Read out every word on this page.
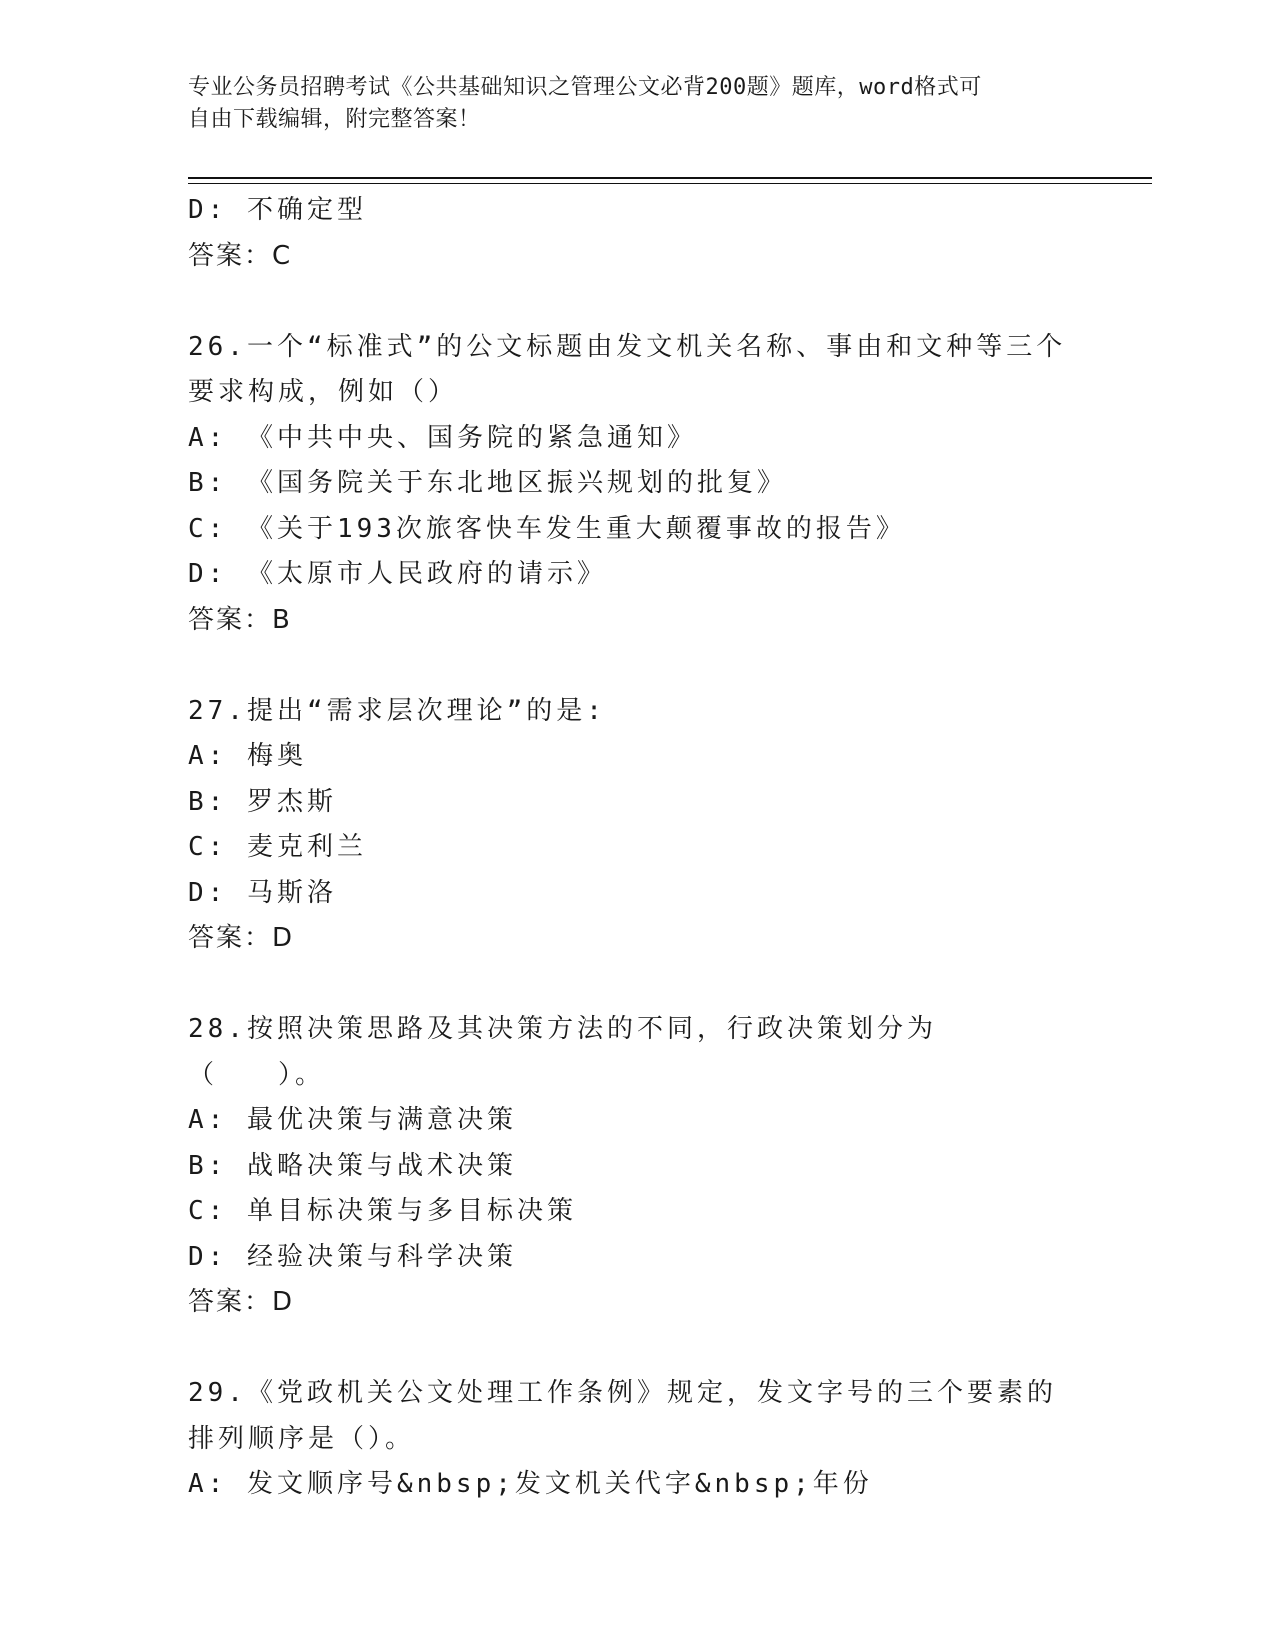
专业公务员招聘考试《公共基础知识之管理公文必背200题》题库，word格式可
自由下载编辑，附完整答案！
D: 不确定型
答案：C
26.一个“标准式”的公文标题由发文机关名称、事由和文种等三个要求构成，例如（）
A: 《中共中央、国务院的紧急通知》
B: 《国务院关于东北地区振兴规划的批复》
C: 《关于193次旅客快车发生重大颠覆事故的报告》
D: 《太原市人民政府的请示》
答案：B
27.提出“需求层次理论”的是:
A: 梅奥
B: 罗杰斯
C: 麦克利兰
D: 马斯洛
答案：D
28.按照决策思路及其决策方法的不同，行政决策划分为（　　）。
A: 最优决策与满意决策
B: 战略决策与战术决策
C: 单目标决策与多目标决策
D: 经验决策与科学决策
答案：D
29.《党政机关公文处理工作条例》规定，发文字号的三个要素的排列顺序是（）。
A: 发文顺序号&nbsp;发文机关代字&nbsp;年份
